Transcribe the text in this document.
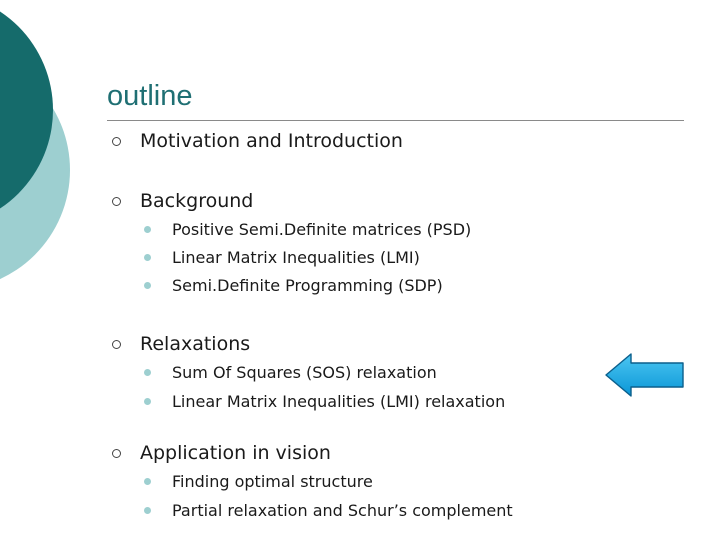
outline
Motivation and Introduction
Background
Positive Semi.Definite matrices (PSD)
Linear Matrix Inequalities (LMI)
Semi.Definite Programming (SDP)
Relaxations
Sum Of Squares (SOS) relaxation
Linear Matrix Inequalities (LMI) relaxation
Application in vision
Finding optimal structure
Partial relaxation and Schur’s complement
